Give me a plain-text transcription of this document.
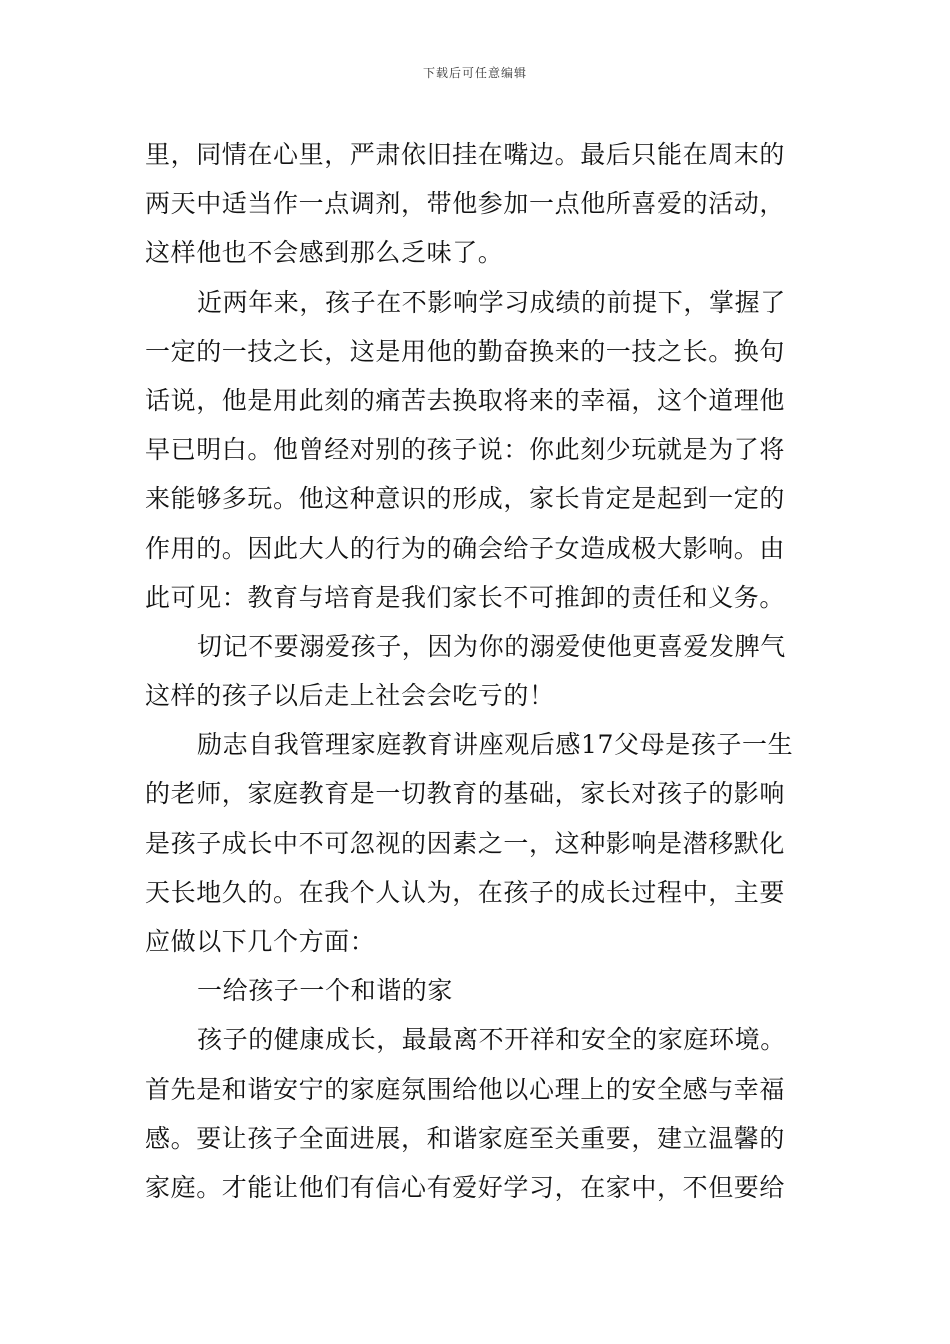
下载后可任意编辑
里，同情在心里，严肃依旧挂在嘴边。最后只能在周末的
两天中适当作一点调剂，带他参加一点他所喜爱的活动，
这样他也不会感到那么乏味了。
近两年来，孩子在不影响学习成绩的前提下，掌握了
一定的一技之长，这是用他的勤奋换来的一技之长。换句
话说，他是用此刻的痛苦去换取将来的幸福，这个道理他
早已明白。他曾经对别的孩子说：你此刻少玩就是为了将
来能够多玩。他这种意识的形成，家长肯定是起到一定的
作用的。因此大人的行为的确会给子女造成极大影响。由
此可见：教育与培育是我们家长不可推卸的责任和义务。
切记不要溺爱孩子，因为你的溺爱使他更喜爱发脾气
这样的孩子以后走上社会会吃亏的！
励志自我管理家庭教育讲座观后感17父母是孩子一生
的老师，家庭教育是一切教育的基础，家长对孩子的影响
是孩子成长中不可忽视的因素之一，这种影响是潜移默化
天长地久的。在我个人认为，在孩子的成长过程中，主要
应做以下几个方面：
一给孩子一个和谐的家
孩子的健康成长，最最离不开祥和安全的家庭环境。
首先是和谐安宁的家庭氛围给他以心理上的安全感与幸福
感。要让孩子全面进展，和谐家庭至关重要，建立温馨的
家庭。才能让他们有信心有爱好学习，在家中，不但要给
